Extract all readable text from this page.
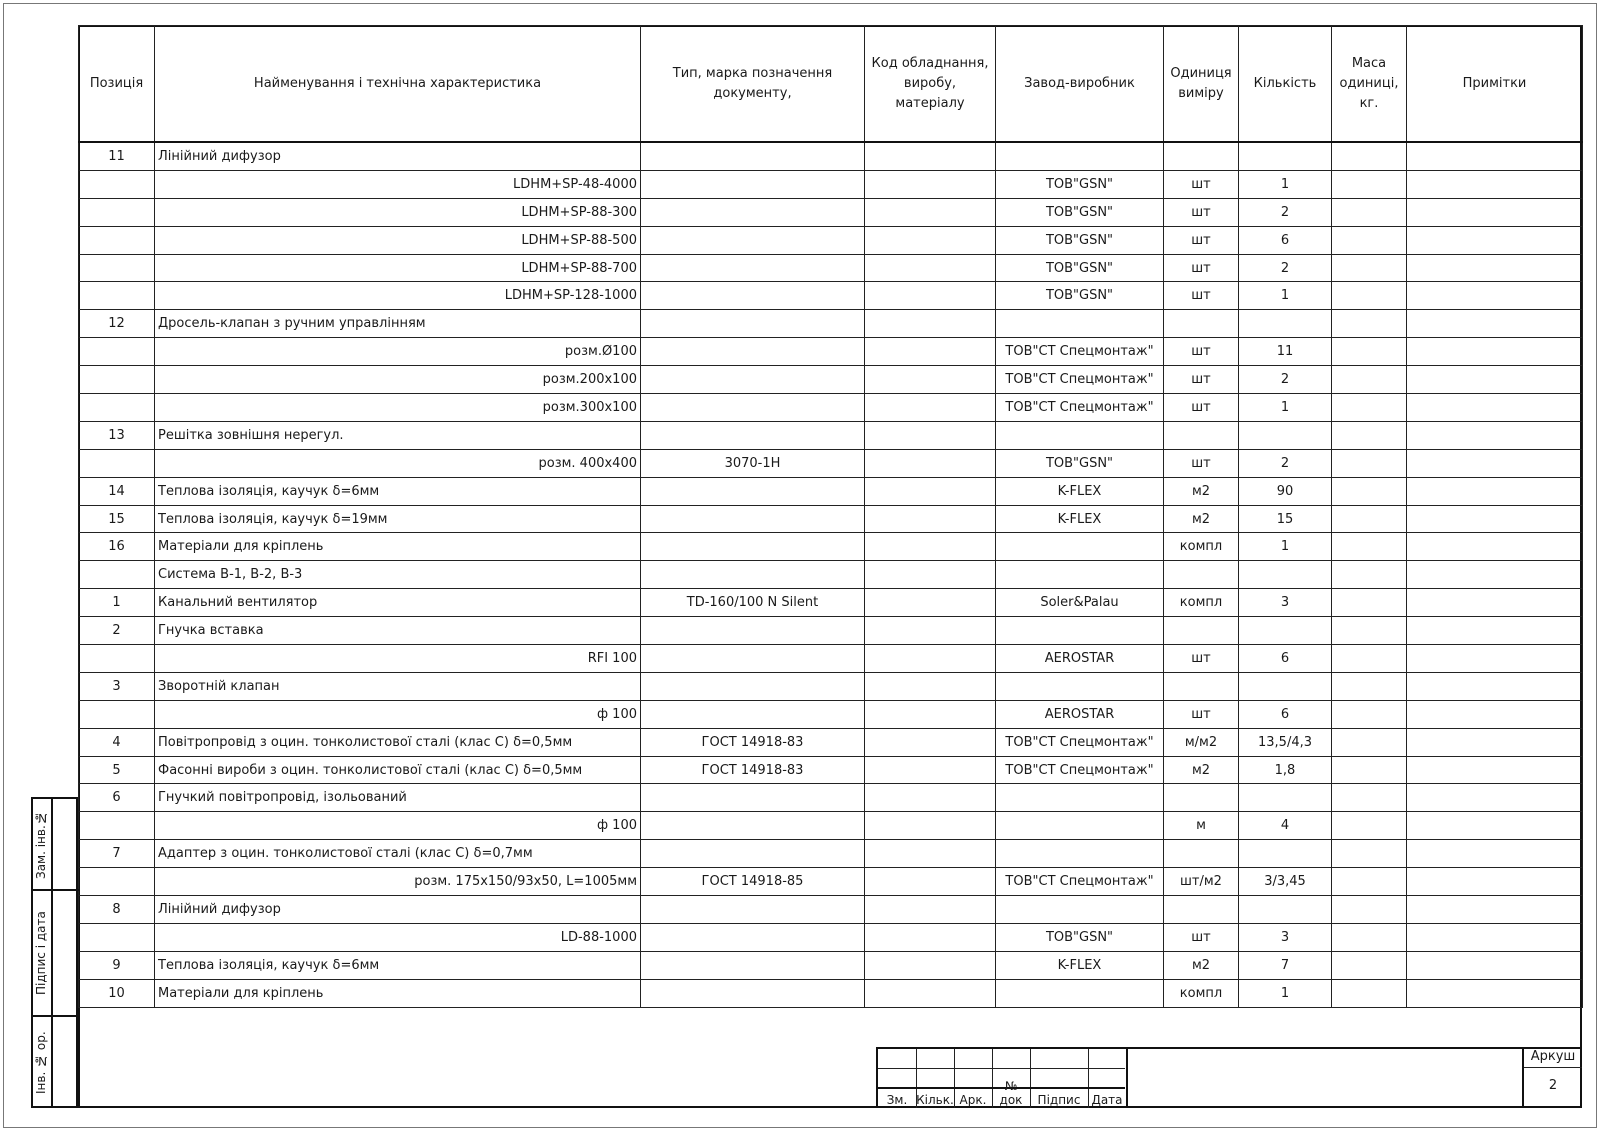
Позиція	Найменування і технічна характеристика	Тип, марка позначення документу,	Код обладнання, виробу, матеріалу	Завод-виробник	Одиниця виміру	Кількість	Маса одиниці, кг.	Примітки
11	Лінійний дифузор							
	LDHM+SP-48-4000			ТОВ"GSN"	шт	1		
	LDHM+SP-88-300			ТОВ"GSN"	шт	2		
	LDHM+SP-88-500			ТОВ"GSN"	шт	6		
	LDHM+SP-88-700			ТОВ"GSN"	шт	2		
	LDHM+SP-128-1000			ТОВ"GSN"	шт	1		
12	Дросель-клапан з ручним управлінням							
	розм.Ø100			ТОВ"СТ Спецмонтаж"	шт	11		
	розм.200х100			ТОВ"СТ Спецмонтаж"	шт	2		
	розм.300х100			ТОВ"СТ Спецмонтаж"	шт	1		
13	Решітка зовнішня нерегул.							
	розм. 400х400	3070-1Н		ТОВ"GSN"	шт	2		
14	Теплова ізоляція, каучук δ=6мм			K-FLEX	м2	90		
15	Теплова ізоляція, каучук δ=19мм			K-FLEX	м2	15		
16	Матеріали для кріплень				компл	1		
	Система В-1, В-2, В-3							
1	Канальний вентилятор	TD-160/100 N Silent		Soler&Palau	компл	3		
2	Гнучка вставка							
	RFI 100			AEROSTAR	шт	6		
3	Зворотній клапан							
	ф 100			AEROSTAR	шт	6		
4	Повітропровід з оцин. тонколистової сталі (клас С) δ=0,5мм	ГОСТ 14918-83		ТОВ"СТ Спецмонтаж"	м/м2	13,5/4,3		
5	Фасонні вироби з оцин. тонколистової сталі (клас С) δ=0,5мм	ГОСТ 14918-83		ТОВ"СТ Спецмонтаж"	м2	1,8		
6	Гнучкий повітропровід, ізольований							
	ф 100				м	4		
7	Адаптер з оцин. тонколистової сталі (клас С) δ=0,7мм							
	розм. 175х150/93х50, L=1005мм	ГОСТ 14918-85		ТОВ"СТ Спецмонтаж"	шт/м2	3/3,45		
8	Лінійний дифузор							
	LD-88-1000			ТОВ"GSN"	шт	3		
9	Теплова ізоляція, каучук δ=6мм			K-FLEX	м2	7		
10	Матеріали для кріплень				компл	1		
Зам. інв.№
Підпис і дата
Інв. № ор.
Зм. Кільк. Арк.
№ док	Підпис Дата
Аркуш
2
